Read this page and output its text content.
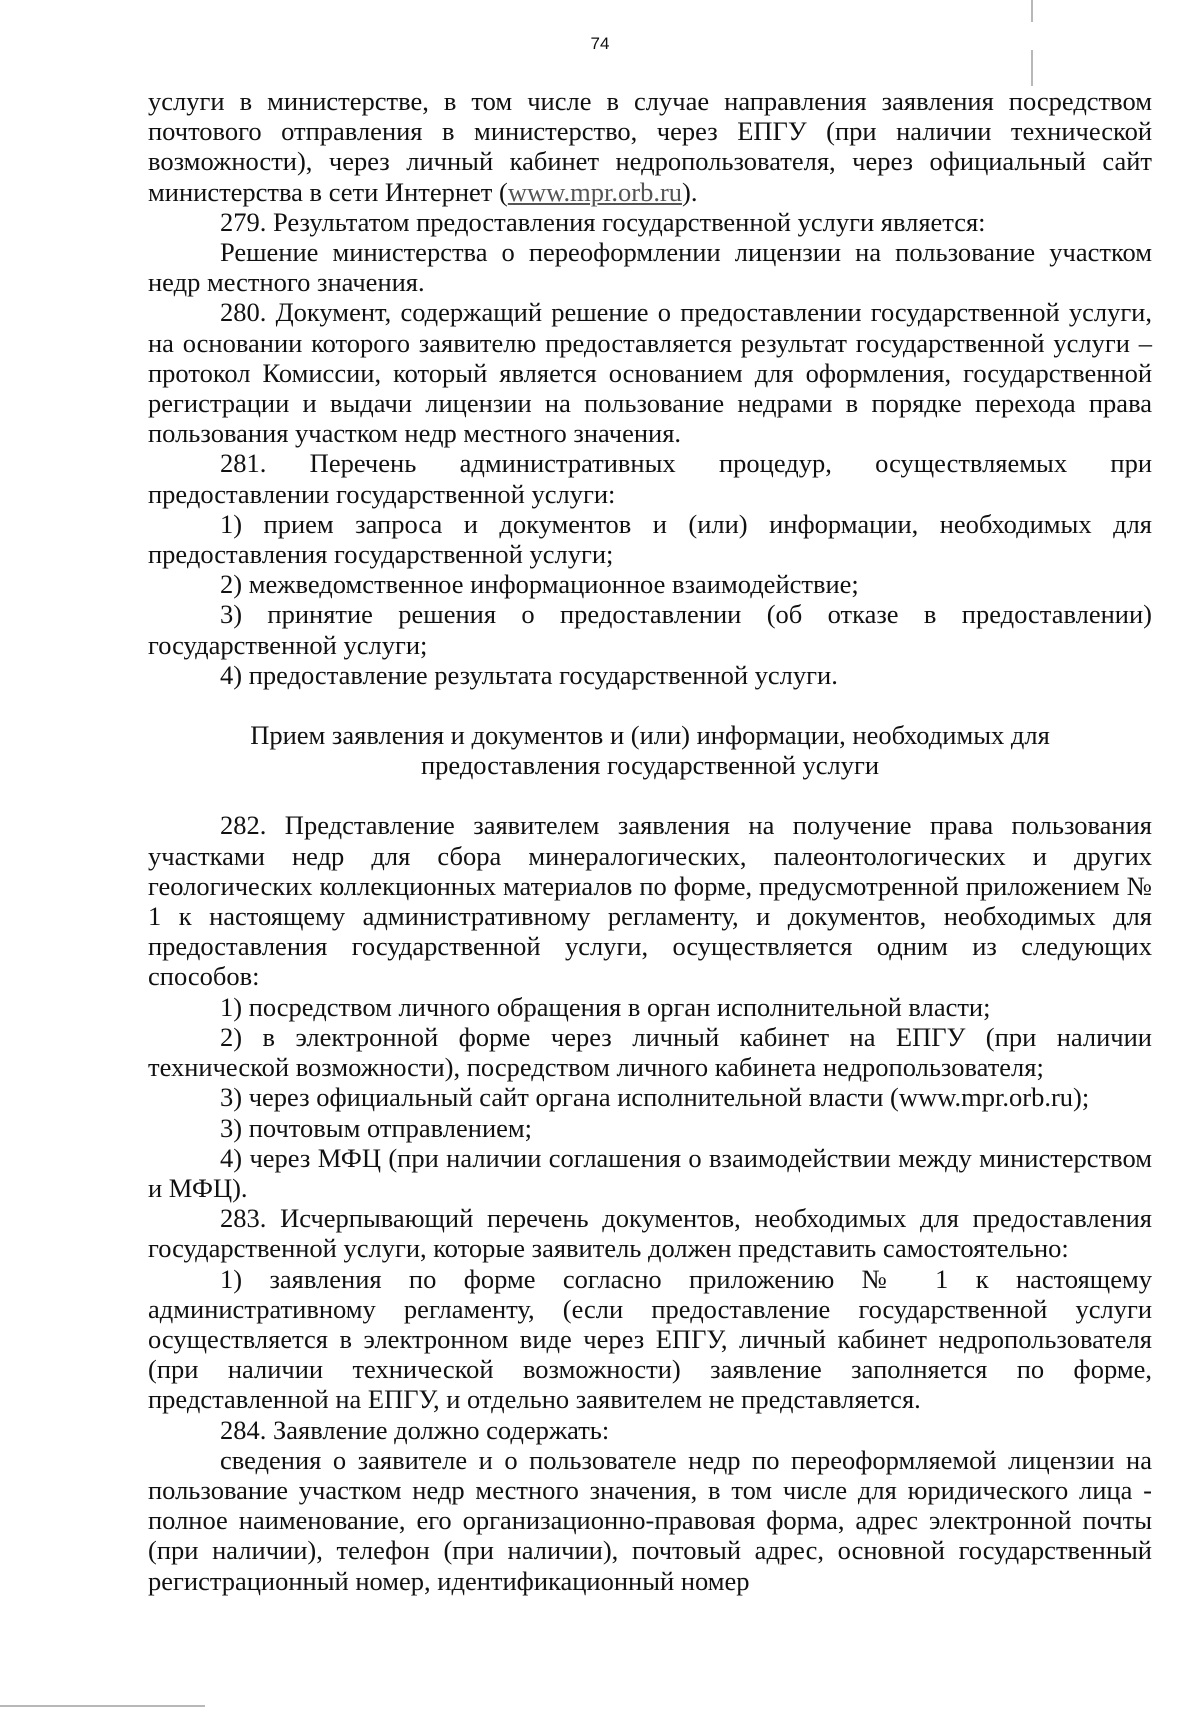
74

услуги в министерстве, в том числе в случае направления заявления посредством почтового отправления в министерство, через ЕПГУ (при наличии технической возможности), через личный кабинет недропользователя, через официальный сайт министерства в сети Интернет (www.mpr.orb.ru).

279. Результатом предоставления государственной услуги является:

Решение министерства о переоформлении лицензии на пользование участком недр местного значения.

280. Документ, содержащий решение о предоставлении государственной услуги, на основании которого заявителю предоставляется результат государственной услуги – протокол Комиссии, который является основанием для оформления, государственной регистрации и выдачи лицензии на пользование недрами в порядке перехода права пользования участком недр местного значения.

281. Перечень административных процедур, осуществляемых при предоставлении государственной услуги:

1) прием запроса и документов и (или) информации, необходимых для предоставления государственной услуги;

2) межведомственное информационное взаимодействие;

3) принятие решения о предоставлении (об отказе в предоставлении) государственной услуги;

4) предоставление результата государственной услуги.

Прием заявления и документов и (или) информации, необходимых для предоставления государственной услуги

282. Представление заявителем заявления на получение права пользования участками недр для сбора минералогических, палеонтологических и других геологических коллекционных материалов по форме, предусмотренной приложением № 1 к настоящему административному регламенту, и документов, необходимых для предоставления государственной услуги, осуществляется одним из следующих способов:

1) посредством личного обращения в орган исполнительной власти;

2) в электронной форме через личный кабинет на ЕПГУ (при наличии технической возможности), посредством личного кабинета недропользователя;

3) через официальный сайт органа исполнительной власти (www.mpr.orb.ru);

3) почтовым отправлением;

4) через МФЦ (при наличии соглашения о взаимодействии между министерством и МФЦ).

283. Исчерпывающий перечень документов, необходимых для предоставления государственной услуги, которые заявитель должен представить самостоятельно:

1) заявления по форме согласно приложению № 1 к настоящему административному регламенту, (если предоставление государственной услуги осуществляется в электронном виде через ЕПГУ, личный кабинет недропользователя (при наличии технической возможности) заявление заполняется по форме, представленной на ЕПГУ, и отдельно заявителем не представляется.

284. Заявление должно содержать:

сведения о заявителе и о пользователе недр по переоформляемой лицензии на пользование участком недр местного значения, в том числе для юридического лица - полное наименование, его организационно-правовая форма, адрес электронной почты (при наличии), телефон (при наличии), почтовый адрес, основной государственный регистрационный номер, идентификационный номер
